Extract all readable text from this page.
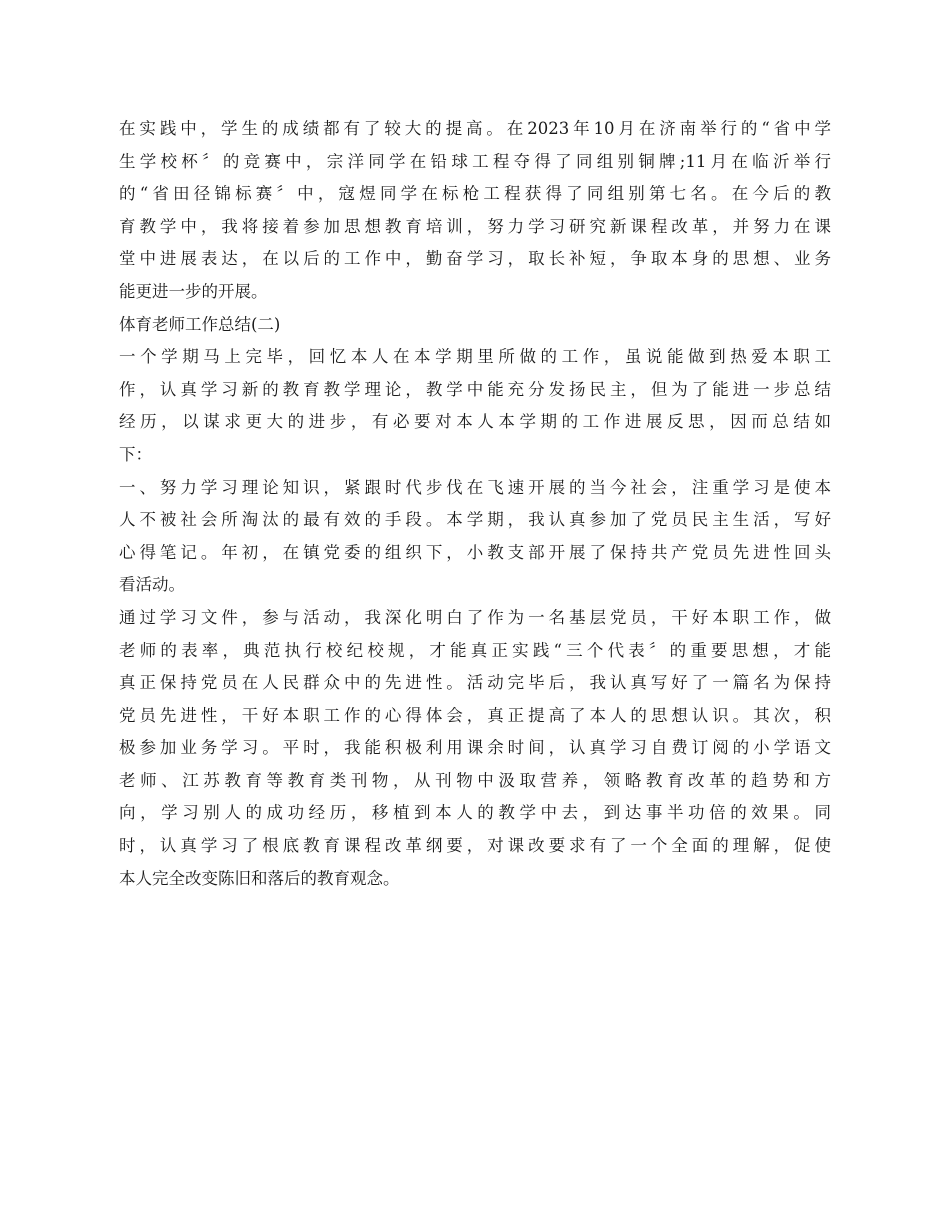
在实践中，学生的成绩都有了较大的提高。在2023年10月在济南举行的“省中学
生学校杯〞的竞赛中，宗洋同学在铅球工程夺得了同组别铜牌;11月在临沂举行
的“省田径锦标赛〞中，寇煜同学在标枪工程获得了同组别第七名。在今后的教
育教学中，我将接着参加思想教育培训，努力学习研究新课程改革，并努力在课
堂中进展表达，在以后的工作中，勤奋学习，取长补短，争取本身的思想、业务
能更进一步的开展。
体育老师工作总结(二)
一个学期马上完毕，回忆本人在本学期里所做的工作，虽说能做到热爱本职工
作，认真学习新的教育教学理论，教学中能充分发扬民主，但为了能进一步总结
经历，以谋求更大的进步，有必要对本人本学期的工作进展反思，因而总结如
下：
一、努力学习理论知识，紧跟时代步伐在飞速开展的当今社会，注重学习是使本
人不被社会所淘汰的最有效的手段。本学期，我认真参加了党员民主生活，写好
心得笔记。年初，在镇党委的组织下，小教支部开展了保持共产党员先进性回头
看活动。
通过学习文件，参与活动，我深化明白了作为一名基层党员，干好本职工作，做
老师的表率，典范执行校纪校规，才能真正实践“三个代表〞的重要思想，才能
真正保持党员在人民群众中的先进性。活动完毕后，我认真写好了一篇名为保持
党员先进性，干好本职工作的心得体会，真正提高了本人的思想认识。其次，积
极参加业务学习。平时，我能积极利用课余时间，认真学习自费订阅的小学语文
老师、江苏教育等教育类刊物，从刊物中汲取营养，领略教育改革的趋势和方
向，学习别人的成功经历，移植到本人的教学中去，到达事半功倍的效果。同
时，认真学习了根底教育课程改革纲要，对课改要求有了一个全面的理解，促使
本人完全改变陈旧和落后的教育观念。
